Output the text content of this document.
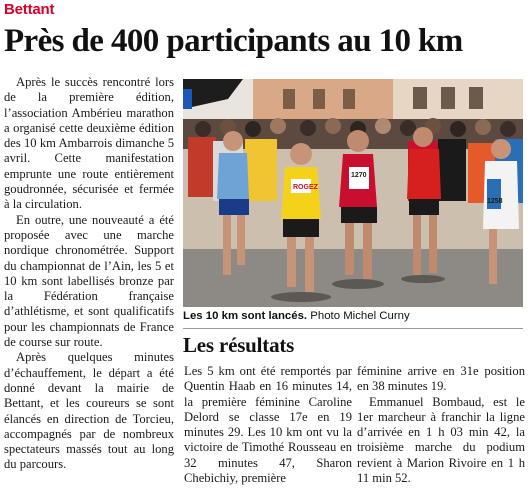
Bettant
Près de 400 participants au 10 km

Après le succès rencontré lors de la première édition, l’association Ambérieu marathon a organisé cette deuxième édition des 10 km Ambarrois dimanche 5 avril. Cette manifestation emprunte une route entièrement goudronnée, sécurisée et fermée à la circulation.

En outre, une nouveauté a été proposée avec une marche nordique chronométrée. Support du championnat de l’Ain, les 5 et 10 km sont labellisés bronze par la Fédération française d’athlétisme, et sont qualificatifs pour les championnats de France de course sur route.

Après quelques minutes d’échauffement, le départ a été donné devant la mairie de Bettant, et les coureurs se sont élancés en direction de Torcieu, accompagnés par de nombreux spectateurs massés tout au long du parcours.

ROGEZ
1270
1258
Les 10 km sont lancés. Photo Michel Curny
Les résultats

Les 5 km ont été remportés par Quentin Haab en 16 minutes 14, la première féminine Caroline Delord se classe 17e en 19 minutes 29. Les 10 km ont vu la victoire de Timothé Rousseau en 32 minutes 47, Sharon Chebichiy, première

féminine arrive en 31e position en 38 minutes 19.

Emmanuel Bombaud, est le 1er marcheur à franchir la ligne d’arrivée en 1 h 03 min 42, la troisième marche du podium revient à Marion Rivoire en 1 h 11 min 52.
